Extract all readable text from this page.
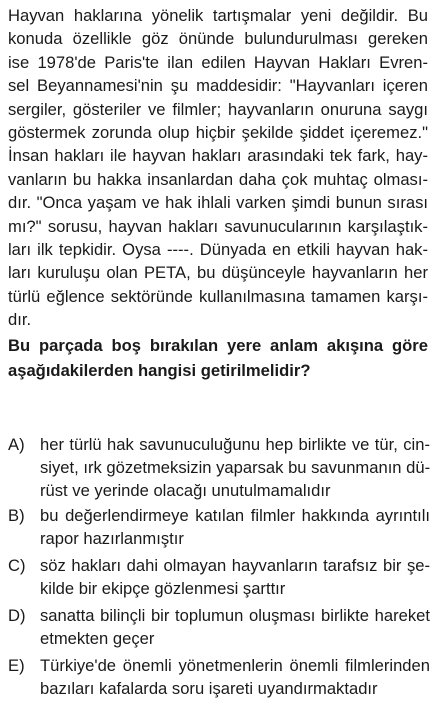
Hayvan haklarına yönelik tartışmalar yeni değildir. Bu
konuda özellikle göz önünde bulundurulması gereken
ise 1978'de Paris'te ilan edilen Hayvan Hakları Evren-
sel Beyannamesi'nin şu maddesidir: "Hayvanları içeren
sergiler, gösteriler ve filmler; hayvanların onuruna saygı
göstermek zorunda olup hiçbir şekilde şiddet içeremez."
İnsan hakları ile hayvan hakları arasındaki tek fark, hay-
vanların bu hakka insanlardan daha çok muhtaç olması-
dır. "Onca yaşam ve hak ihlali varken şimdi bunun sırası
mı?" sorusu, hayvan hakları savunucularının karşılaştık-
ları ilk tepkidir. Oysa ----. Dünyada en etkili hayvan hak-
ları kuruluşu olan PETA, bu düşünceyle hayvanların her
türlü eğlence sektöründe kullanılmasına tamamen karşı-
dır.
Bu parçada boş bırakılan yere anlam akışına göre
aşağıdakilerden hangisi getirilmelidir?
A) her türlü hak savunuculuğunu hep birlikte ve tür, cin-
siyet, ırk gözetmeksizin yaparsak bu savunmanın dü-
rüst ve yerinde olacağı unutulmamalıdır
B) bu değerlendirmeye katılan filmler hakkında ayrıntılı
rapor hazırlanmıştır
C) söz hakları dahi olmayan hayvanların tarafsız bir şe-
kilde bir ekipçe gözlenmesi şarttır
D) sanatta bilinçli bir toplumun oluşması birlikte hareket
etmekten geçer
E) Türkiye'de önemli yönetmenlerin önemli filmlerinden
bazıları kafalarda soru işareti uyandırmaktadır
